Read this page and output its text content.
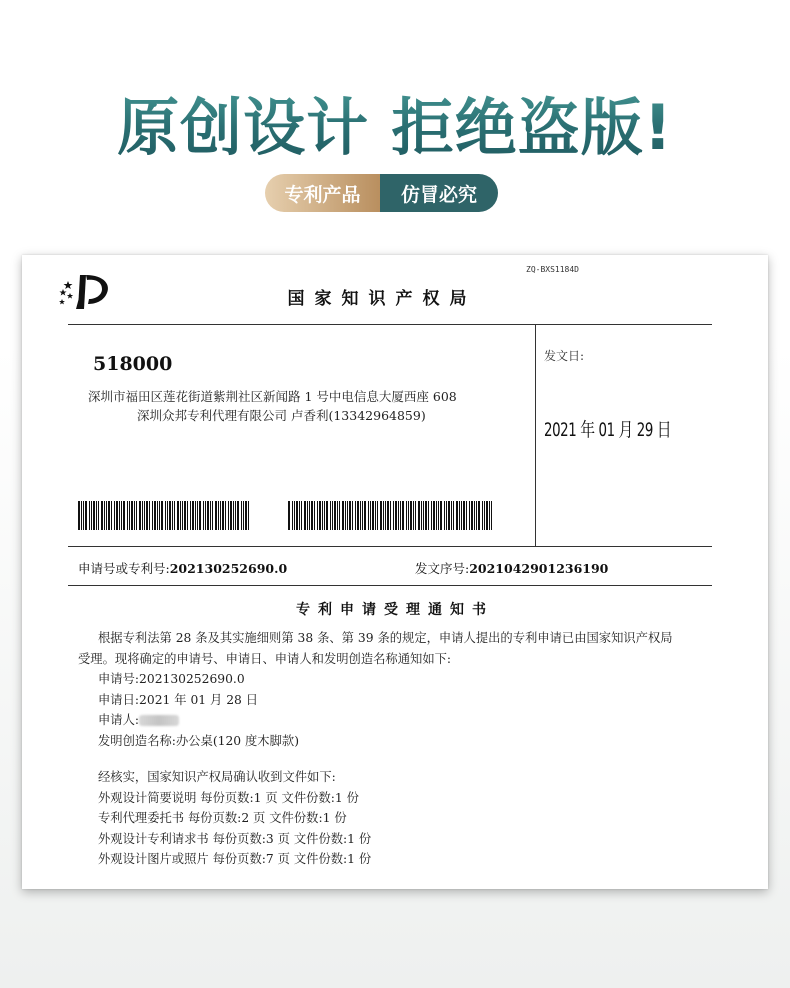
原创设计 拒绝盗版!
专利产品	仿冒必究
ZQ-BXS1184D
国家知识产权局
518000
深圳市福田区莲花街道紫荆社区新闻路 1 号中电信息大厦西座 608
深圳众邦专利代理有限公司 卢香利(13342964859)
发文日:
2021 年 01 月 29 日
申请号或专利号:202130252690.0	发文序号:2021042901236190
专利申请受理通知书

根据专利法第 28 条及其实施细则第 38 条、第 39 条的规定，申请人提出的专利申请已由国家知识产权局

受理。现将确定的申请号、申请日、申请人和发明创造名称通知如下:

申请号:202130252690.0

申请日:2021 年 01 月 28 日

申请人:

发明创造名称:办公桌(120 度木脚款)

经核实，国家知识产权局确认收到文件如下:

外观设计简要说明 每份页数:1 页 文件份数:1 份

专利代理委托书 每份页数:2 页 文件份数:1 份

外观设计专利请求书 每份页数:3 页 文件份数:1 份

外观设计图片或照片 每份页数:7 页 文件份数:1 份
